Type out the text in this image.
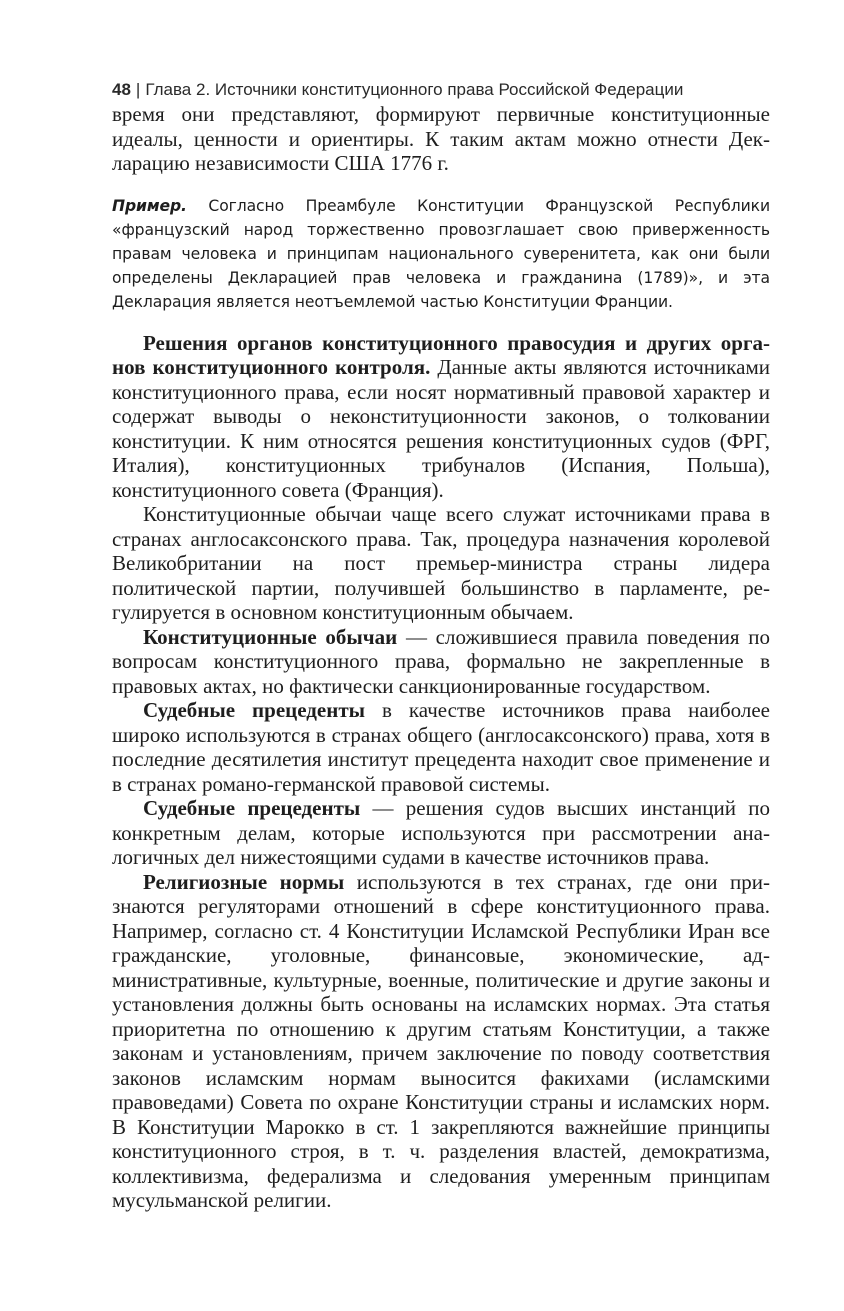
48 | Глава 2. Источники конституционного права Российской Федерации

время они представляют, формируют первичные конституционные идеалы, ценности и ориентиры. К таким актам можно отнести Декларацию независимости США 1776 г.

Пример. Согласно Преамбуле Конституции Французской Республики «французский народ торжественно провозглашает свою приверженность правам человека и принципам национального суверенитета, как они были определены Декларацией прав человека и гражданина (1789)», и эта Декларация является неотъемлемой частью Конституции Франции.

Решения органов конституционного правосудия и других органов конституционного контроля. Данные акты являются источниками конституционного права, если носят нормативный правовой характер и содержат выводы о неконституционности законов, о толковании конституции. К ним относятся решения конституционных судов (ФРГ, Италия), конституционных трибуналов (Испания, Польша), конституционного совета (Франция).

Конституционные обычаи чаще всего служат источниками права в странах англосаксонского права. Так, процедура назначения королевой Великобритании на пост премьер-министра страны лидера политической партии, получившей большинство в парламенте, регулируется в основном конституционным обычаем.

Конституционные обычаи — сложившиеся правила поведения по вопросам конституционного права, формально не закрепленные в правовых актах, но фактически санкционированные государством.

Судебные прецеденты в качестве источников права наиболее широко используются в странах общего (англосаксонского) права, хотя в последние десятилетия институт прецедента находит свое применение и в странах романо-германской правовой системы.

Судебные прецеденты — решения судов высших инстанций по конкретным делам, которые используются при рассмотрении аналогичных дел нижестоящими судами в качестве источников права.

Религиозные нормы используются в тех странах, где они признаются регуляторами отношений в сфере конституционного права. Например, согласно ст. 4 Конституции Исламской Республики Иран все гражданские, уголовные, финансовые, экономические, административные, культурные, военные, политические и другие законы и установления должны быть основаны на исламских нормах. Эта статья приоритетна по отношению к другим статьям Конституции, а также законам и установлениям, причем заключение по поводу соответствия законов исламским нормам выносится факихами (исламскими правоведами) Совета по охране Конституции страны и исламских норм. В Конституции Марокко в ст. 1 закрепляются важнейшие принципы конституционного строя, в т. ч. разделения властей, демократизма, коллективизма, федерализма и следования умеренным принципам мусульманской религии.
